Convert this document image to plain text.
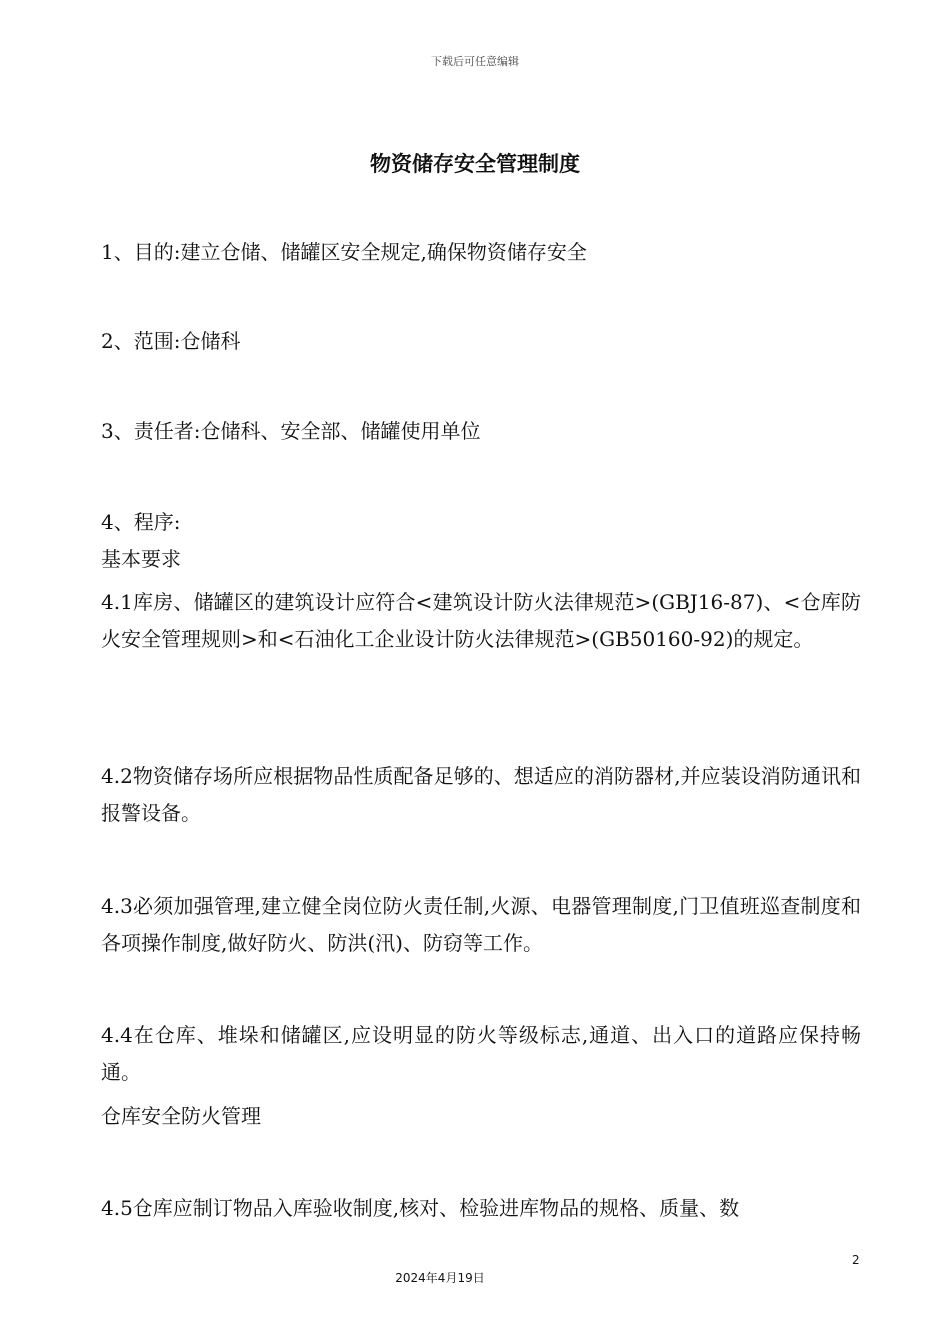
下载后可任意编辑
物资储存安全管理制度

1、目的:建立仓储、储罐区安全规定,确保物资储存安全

2、范围:仓储科

3、责任者:仓储科、安全部、储罐使用单位

4、程序:

基本要求

4.1库房、储罐区的建筑设计应符合<建筑设计防火法律规范>(GBJ16-87)、<仓库防火安全管理规则>和<石油化工企业设计防火法律规范>(GB50160-92)的规定。

4.2物资储存场所应根据物品性质配备足够的、想适应的消防器材,并应装设消防通讯和报警设备。

4.3必须加强管理,建立健全岗位防火责任制,火源、电器管理制度,门卫值班巡查制度和各项操作制度,做好防火、防洪(汛)、防窃等工作。

4.4在仓库、堆垛和储罐区,应设明显的防火等级标志,通道、出入口的道路应保持畅通。

仓库安全防火管理

4.5仓库应制订物品入库验收制度,核对、检验进库物品的规格、质量、数

2
2024年4月19日
